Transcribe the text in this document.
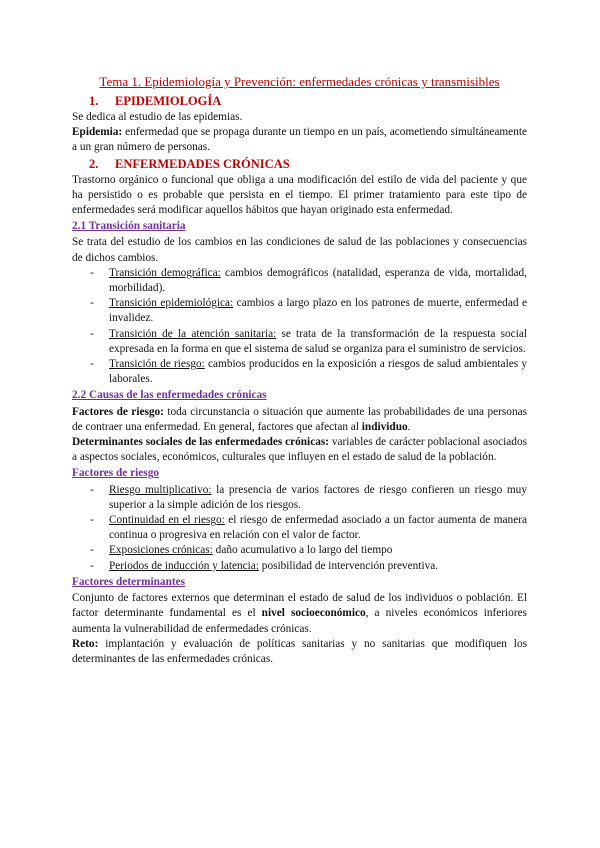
Tema 1. Epidemiología y Prevención: enfermedades crónicas y transmisibles
1. EPIDEMIOLOGÍA

Se dedica al estudio de las epidemias.

Epidemia: enfermedad que se propaga durante un tiempo en un país, acometiendo simultáneamente a un gran número de personas.

2. ENFERMEDADES CRÓNICAS

Trastorno orgánico o funcional que obliga a una modificación del estilo de vida del paciente y que ha persistido o es probable que persista en el tiempo. El primer tratamiento para este tipo de enfermedades será modificar aquellos hábitos que hayan originado esta enfermedad.

2.1 Transición sanitaria

Se trata del estudio de los cambios en las condiciones de salud de las poblaciones y consecuencias de dichos cambios.

- Transición demográfica: cambios demográficos (natalidad, esperanza de vida, mortalidad, morbilidad).
- Transición epidemiológica: cambios a largo plazo en los patrones de muerte, enfermedad e invalidez.
- Transición de la atención sanitaria: se trata de la transformación de la respuesta social expresada en la forma en que el sistema de salud se organiza para el suministro de servicios.
- Transición de riesgo: cambios producidos en la exposición a riesgos de salud ambientales y laborales.
2.2 Causas de las enfermedades crónicas

Factores de riesgo: toda circunstancia o situación que aumente las probabilidades de una personas de contraer una enfermedad. En general, factores que afectan al individuo.

Determinantes sociales de las enfermedades crónicas: variables de carácter poblacional asociados a aspectos sociales, económicos, culturales que influyen en el estado de salud de la población.

Factores de riesgo
- Riesgo multiplicativo: la presencia de varios factores de riesgo confieren un riesgo muy superior a la simple adición de los riesgos.
- Continuidad en el riesgo: el riesgo de enfermedad asociado a un factor aumenta de manera continua o progresiva en relación con el valor de factor.
- Exposiciones crónicas: daño acumulativo a lo largo del tiempo
- Periodos de inducción y latencia: posibilidad de intervención preventiva.
Factores determinantes

Conjunto de factores externos que determinan el estado de salud de los individuos o población. El factor determinante fundamental es el nivel socioeconómico, a niveles económicos inferiores aumenta la vulnerabilidad de enfermedades crónicas.

Reto: implantación y evaluación de políticas sanitarias y no sanitarias que modifiquen los determinantes de las enfermedades crónicas.
